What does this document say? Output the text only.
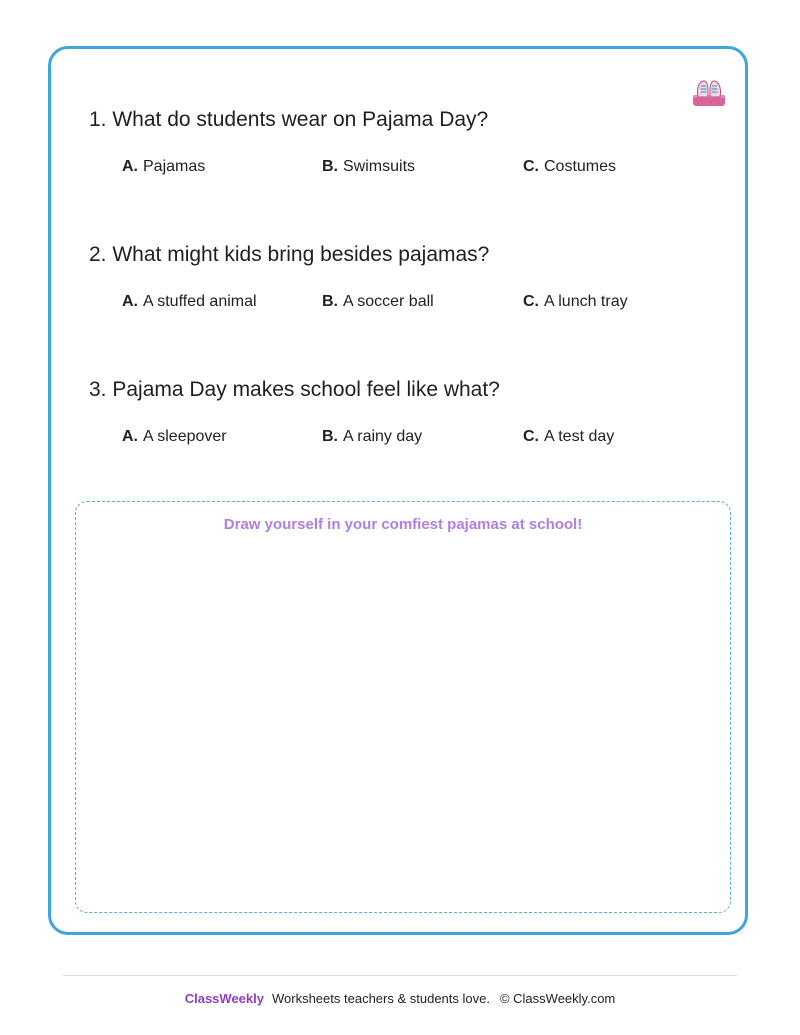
1. What do students wear on Pajama Day?
A. Pajamas	B. Swimsuits	C. Costumes
2. What might kids bring besides pajamas?
A. A stuffed animal	B. A soccer ball	C. A lunch tray
3. Pajama Day makes school feel like what?
A. A sleepover	B. A rainy day	C. A test day
Draw yourself in your comfiest pajamas at school!
ClassWeekly Worksheets teachers & students love. © ClassWeekly.com
